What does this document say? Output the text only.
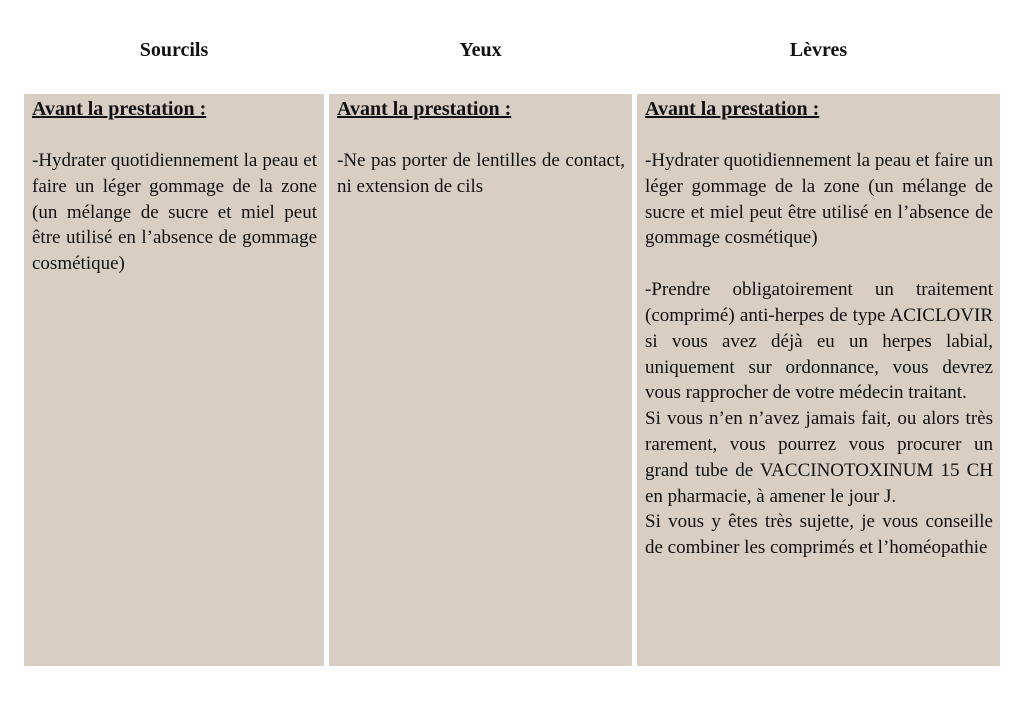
Sourcils	Yeux	Lèvres
Avant la prestation :

-Hydrater quotidiennement la peau et faire un léger gommage de la zone (un mélange de sucre et miel peut être utilisé en l’absence de gommage cosmétique)

Avant la prestation :

-Ne pas porter de lentilles de contact, ni extension de cils

Avant la prestation :

-Hydrater quotidiennement la peau et faire un léger gommage de la zone (un mélange de sucre et miel peut être utilisé en l’absence de gommage cosmétique)

-Prendre obligatoirement un traitement (comprimé) anti-herpes de type ACICLOVIR si vous avez déjà eu un herpes labial, uniquement sur ordonnance, vous devrez vous rapprocher de votre médecin traitant.

Si vous n’en n’avez jamais fait, ou alors très rarement, vous pourrez vous procurer un grand tube de VACCINOTOXINUM 15 CH en pharmacie, à amener le jour J.

Si vous y êtes très sujette, je vous conseille de combiner les comprimés et l’homéopathie
